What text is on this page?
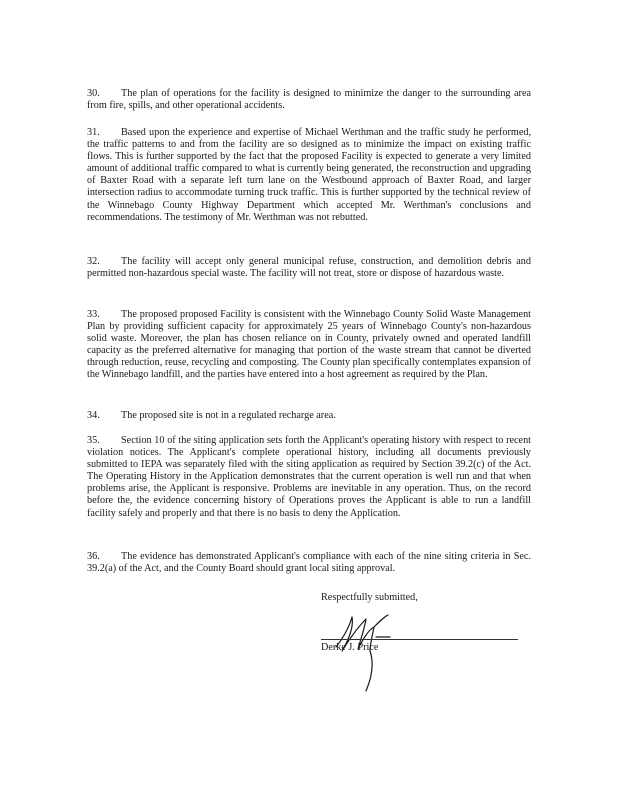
30. The plan of operations for the facility is designed to minimize the danger to the surrounding area from fire, spills, and other operational accidents.

31. Based upon the experience and expertise of Michael Werthman and the traffic study he performed, the traffic patterns to and from the facility are so designed as to minimize the impact on existing traffic flows. This is further supported by the fact that the proposed Facility is expected to generate a very limited amount of additional traffic compared to what is currently being generated, the reconstruction and upgrading of Baxter Road with a separate left turn lane on the Westbound approach of Baxter Road, and larger intersection radius to accommodate turning truck traffic. This is further supported by the technical review of the Winnebago County Highway Department which accepted Mr. Werthman's conclusions and recommendations. The testimony of Mr. Werthman was not rebutted.

32. The facility will accept only general municipal refuse, construction, and demolition debris and permitted non-hazardous special waste. The facility will not treat, store or dispose of hazardous waste.

33. The proposed proposed Facility is consistent with the Winnebago County Solid Waste Management Plan by providing sufficient capacity for approximately 25 years of Winnebago County's non-hazardous solid waste. Moreover, the plan has chosen reliance on in County, privately owned and operated landfill capacity as the preferred alternative for managing that portion of the waste stream that cannot be diverted through reduction, reuse, recycling and composting. The County plan specifically contemplates expansion of the Winnebago landfill, and the parties have entered into a host agreement as required by the Plan.

34. The proposed site is not in a regulated recharge area.

35. Section 10 of the siting application sets forth the Applicant's operating history with respect to recent violation notices. The Applicant's complete operational history, including all documents previously submitted to IEPA was separately filed with the siting application as required by Section 39.2(c) of the Act. The Operating History in the Application demonstrates that the current operation is well run and that when problems arise, the Applicant is responsive. Problems are inevitable in any operation. Thus, on the record before the, the evidence concerning history of Operations proves the Applicant is able to run a landfill facility safely and properly and that there is no basis to deny the Application.

36. The evidence has demonstrated Applicant's compliance with each of the nine siting criteria in Sec. 39.2(a) of the Act, and the County Board should grant local siting approval.

Respectfully submitted,
Derke J. Price
